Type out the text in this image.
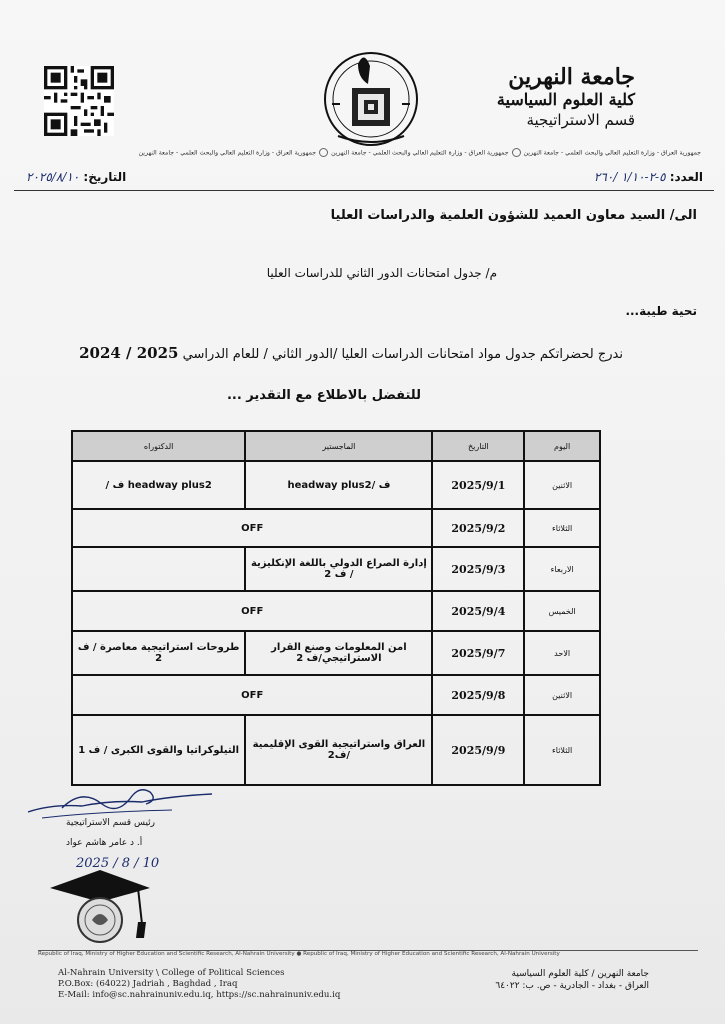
جامعة النهرين
كلية العلوم السياسية
قسم الاستراتيجية
جمهورية العراق - وزارة التعليم العالي والبحث العلمي - جامعة النهرينجمهورية العراق - وزارة التعليم العالي والبحث العلمي - جامعة النهرينجمهورية العراق - وزارة التعليم العالي والبحث العلمي - جامعة النهرين
العدد: ٥-٢-١/١٠ /٢٦٠
التاريخ: ٢٠٢٥/٨/١٠
الى/ السيد معاون العميد للشؤون العلمية والدراسات العليا
م/ جدول امتحانات الدور الثاني للدراسات العليا
تحية طيبة...
ندرج لحضراتكم جدول مواد امتحانات الدراسات العليا /الدور الثاني / للعام الدراسي 2024 / 2025
للتفضل بالاطلاع مع التقدير ...
اليوم	التاريخ	الماجستير	الدكتوراه
الاثنين	2025/9/1	ف /headway plus2	headway plus2 ف /
الثلاثاء	2025/9/2	OFF	
الاربعاء	2025/9/3	إدارة الصراع الدولي باللغة الإنكليزية / ف 2	
الخميس	2025/9/4	OFF	
الاحد	2025/9/7	امن المعلومات وصنع القرار الاستراتيجي/ف 2	طروحات استراتيجية معاصرة / ف 2
الاثنين	2025/9/8	OFF	
الثلاثاء	2025/9/9	العراق واستراتيجية القوى الإقليمية /ف2	التيلوكراتيا والقوى الكبرى / ف 1
رئيس قسم الاستراتيجية
أ. د عامر هاشم عواد
2025 / 8 / 10
Republic of Iraq, Ministry of Higher Education and Scientific Research, Al-Nahrain University ● Republic of Iraq, Ministry of Higher Education and Scientific Research, Al-Nahrain University
Al-Nahrain University \ College of Political Sciences
P.O.Box: (64022) Jadriah , Baghdad , Iraq
E-Mail: info@sc.nahrainuniv.edu.iq, https://sc.nahrainuniv.edu.iq
جامعة النهرين / كلية العلوم السياسية
العراق - بغداد - الجادرية - ص. ب: ٦٤٠٢٢
